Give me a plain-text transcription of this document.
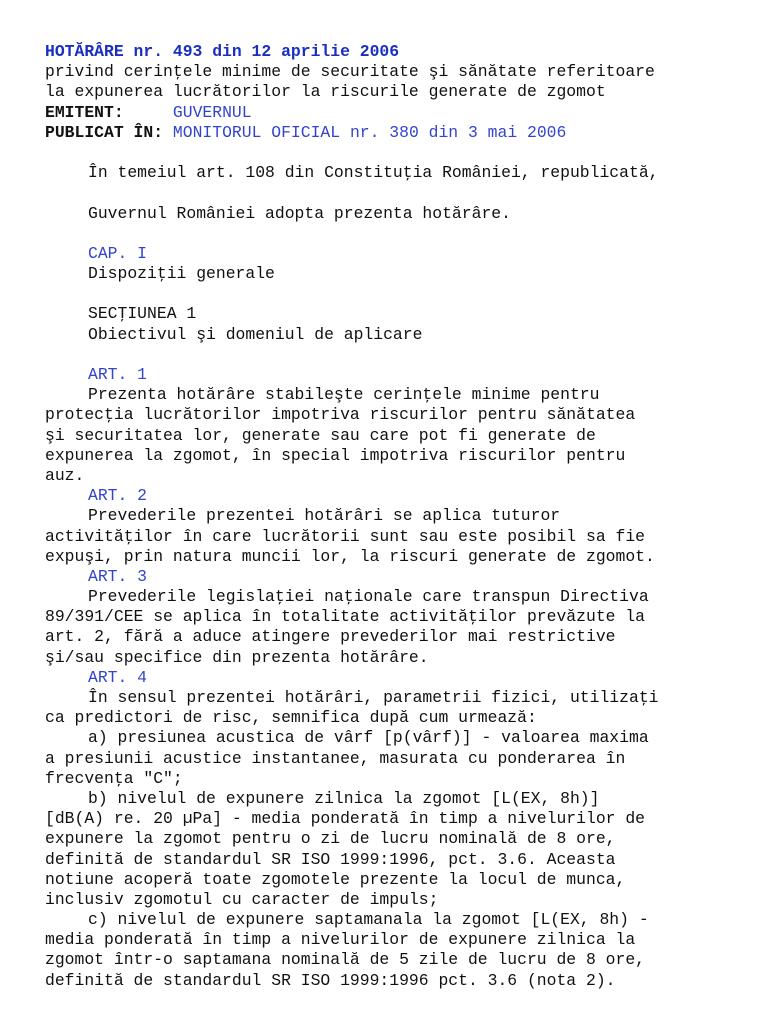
HOTĂRÂRE nr. 493 din 12 aprilie 2006
privind cerinţele minime de securitate şi sănătate referitoare
la expunerea lucrătorilor la riscurile generate de zgomot
EMITENT:	GUVERNUL
PUBLICAT ÎN: MONITORUL OFICIAL nr. 380 din 3 mai 2006
În temeiul art. 108 din Constituţia României, republicată,
Guvernul României adopta prezenta hotărâre.
CAP. I
Dispoziţii generale
SECŢIUNEA 1
Obiectivul şi domeniul de aplicare
ART. 1
Prezenta hotărâre stabileşte cerinţele minime pentru
protecţia lucrătorilor impotriva riscurilor pentru sănătatea
şi securitatea lor, generate sau care pot fi generate de
expunerea la zgomot, în special impotriva riscurilor pentru
auz.
ART. 2
Prevederile prezentei hotărâri se aplica tuturor
activităţilor în care lucrătorii sunt sau este posibil sa fie
expuşi, prin natura muncii lor, la riscuri generate de zgomot.
ART. 3
Prevederile legislaţiei naţionale care transpun Directiva
89/391/CEE se aplica în totalitate activităţilor prevăzute la
art. 2, fără a aduce atingere prevederilor mai restrictive
şi/sau specifice din prezenta hotărâre.
ART. 4
În sensul prezentei hotărâri, parametrii fizici, utilizaţi
ca predictori de risc, semnifica după cum urmează:
a) presiunea acustica de vârf [p(vârf)] - valoarea maxima
a presiunii acustice instantanee, masurata cu ponderarea în
frecvenţa "C";
b) nivelul de expunere zilnica la zgomot [L(EX, 8h)]
[dB(A) re. 20 µPa] - media ponderată în timp a nivelurilor de
expunere la zgomot pentru o zi de lucru nominală de 8 ore,
definită de standardul SR ISO 1999:1996, pct. 3.6. Aceasta
notiune acoperă toate zgomotele prezente la locul de munca,
inclusiv zgomotul cu caracter de impuls;
c) nivelul de expunere saptamanala la zgomot [L(EX, 8h) -
media ponderată în timp a nivelurilor de expunere zilnica la
zgomot într-o saptamana nominală de 5 zile de lucru de 8 ore,
definită de standardul SR ISO 1999:1996 pct. 3.6 (nota 2).
